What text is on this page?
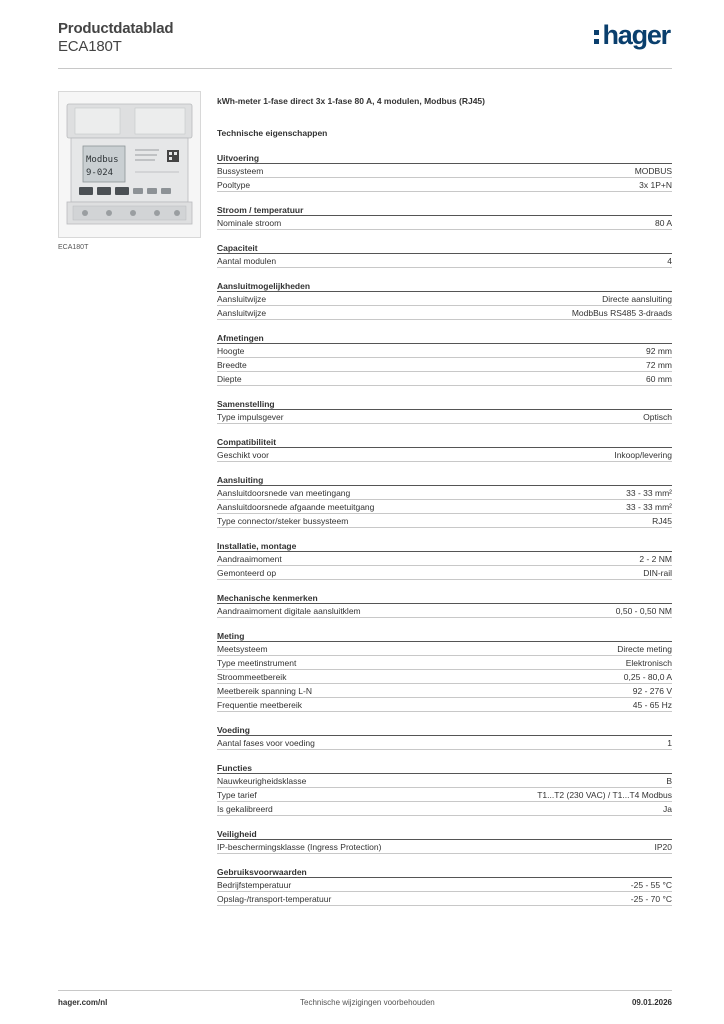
Productdatablad
ECA180T	hager
Modbus
9-024
ECA180T
kWh-meter 1-fase direct 3x 1-fase 80 A, 4 modulen, Modbus (RJ45)
Technische eigenschappen
Uitvoering
Bussysteem	MODBUS
Pooltype	3x 1P+N
Stroom / temperatuur
Nominale stroom	80 A
Capaciteit
Aantal modulen	4
Aansluitmogelijkheden
Aansluitwijze	Directe aansluiting
Aansluitwijze	ModbBus RS485 3-draads
Afmetingen
Hoogte	92 mm
Breedte	72 mm
Diepte	60 mm
Samenstelling
Type impulsgever	Optisch
Compatibiliteit
Geschikt voor	Inkoop/levering
Aansluiting
Aansluitdoorsnede van meetingang	33 - 33 mm²
Aansluitdoorsnede afgaande meetuitgang	33 - 33 mm²
Type connector/steker bussysteem	RJ45
Installatie, montage
Aandraaimoment	2 - 2 NM
Gemonteerd op	DIN-rail
Mechanische kenmerken
Aandraaimoment digitale aansluitklem	0,50 - 0,50 NM
Meting
Meetsysteem	Directe meting
Type meetinstrument	Elektronisch
Stroommeetbereik	0,25 - 80,0 A
Meetbereik spanning L-N	92 - 276 V
Frequentie meetbereik	45 - 65 Hz
Voeding
Aantal fases voor voeding	1
Functies
Nauwkeurigheidsklasse	B
Type tarief	T1...T2 (230 VAC) / T1...T4 Modbus
Is gekalibreerd	Ja
Veiligheid
IP-beschermingsklasse (Ingress Protection)	IP20
Gebruiksvoorwaarden
Bedrijfstemperatuur	-25 - 55 °C
Opslag-/transport-temperatuur	-25 - 70 °C
hager.com/nl	Technische wijzigingen voorbehouden	09.01.2026
